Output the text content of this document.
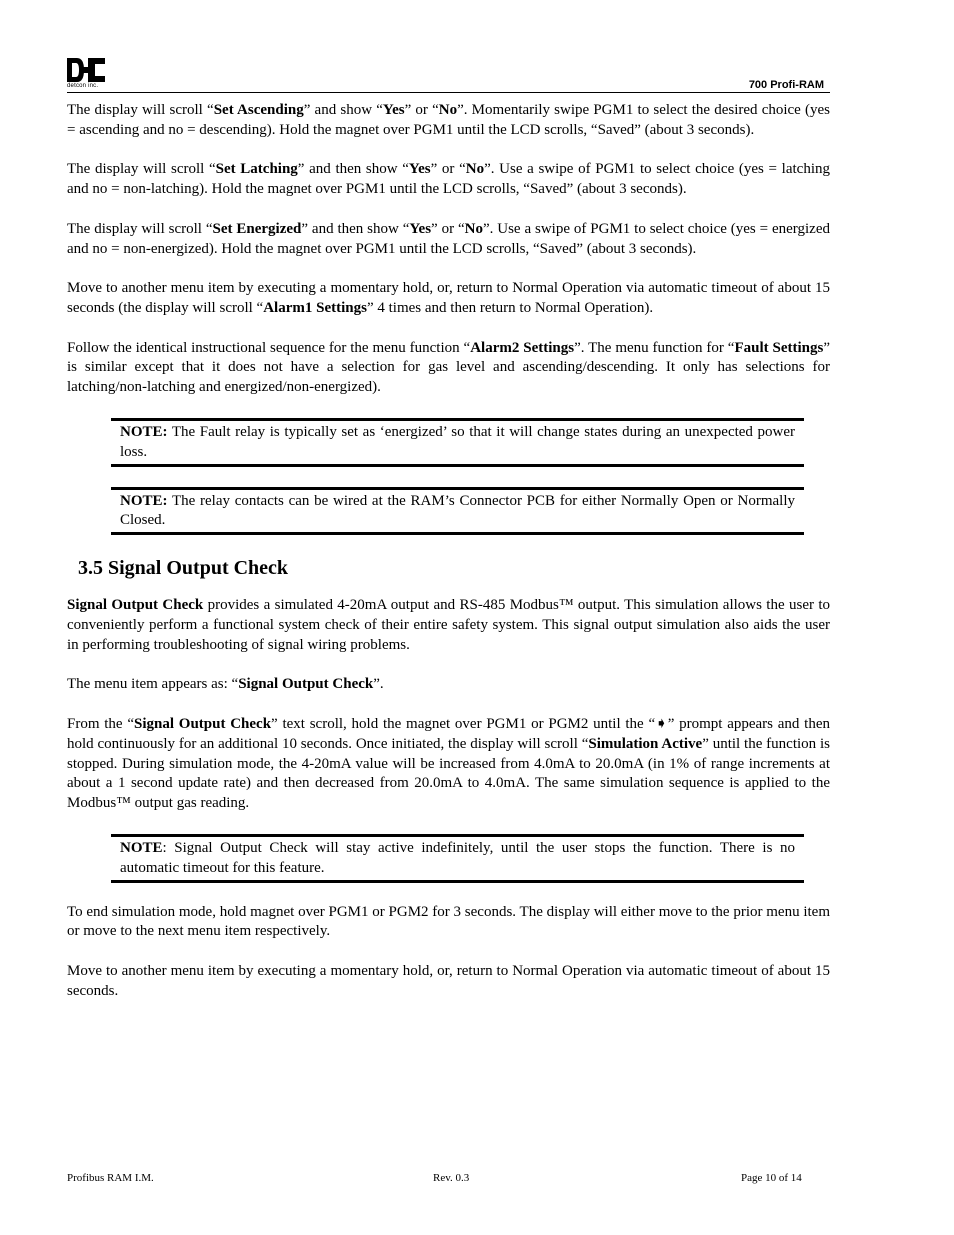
detcon inc.	700 Profi-RAM

The display will scroll “Set Ascending” and show “Yes” or “No”. Momentarily swipe PGM1 to select the desired choice (yes = ascending and no = descending). Hold the magnet over PGM1 until the LCD scrolls, “Saved” (about 3 seconds).

The display will scroll “Set Latching” and then show “Yes” or “No”. Use a swipe of PGM1 to select choice (yes = latching and no = non-latching). Hold the magnet over PGM1 until the LCD scrolls, “Saved” (about 3 seconds).

The display will scroll “Set Energized” and then show “Yes” or “No”. Use a swipe of PGM1 to select choice (yes = energized and no = non-energized). Hold the magnet over PGM1 until the LCD scrolls, “Saved” (about 3 seconds).

Move to another menu item by executing a momentary hold, or, return to Normal Operation via automatic timeout of about 15 seconds (the display will scroll “Alarm1 Settings” 4 times and then return to Normal Operation).

Follow the identical instructional sequence for the menu function “Alarm2 Settings”. The menu function for “Fault Settings” is similar except that it does not have a selection for gas level and ascending/descending. It only has selections for latching/non-latching and energized/non-energized).

NOTE: The Fault relay is typically set as ‘energized’ so that it will change states during an unexpected power loss.
NOTE: The relay contacts can be wired at the RAM’s Connector PCB for either Normally Open or Normally Closed.
3.5 Signal Output Check

Signal Output Check provides a simulated 4-20mA output and RS-485 Modbus™ output. This simulation allows the user to conveniently perform a functional system check of their entire safety system. This signal output simulation also aids the user in performing troubleshooting of signal wiring problems.

The menu item appears as: “Signal Output Check”.

From the “Signal Output Check” text scroll, hold the magnet over PGM1 or PGM2 until the “➧” prompt appears and then hold continuously for an additional 10 seconds. Once initiated, the display will scroll “Simulation Active” until the function is stopped. During simulation mode, the 4-20mA value will be increased from 4.0mA to 20.0mA (in 1% of range increments at about a 1 second update rate) and then decreased from 20.0mA to 4.0mA. The same simulation sequence is applied to the Modbus™ output gas reading.

NOTE: Signal Output Check will stay active indefinitely, until the user stops the function. There is no automatic timeout for this feature.

To end simulation mode, hold magnet over PGM1 or PGM2 for 3 seconds. The display will either move to the prior menu item or move to the next menu item respectively.

Move to another menu item by executing a momentary hold, or, return to Normal Operation via automatic timeout of about 15 seconds.

Profibus RAM I.M.	Rev. 0.3	Page 10 of 14
